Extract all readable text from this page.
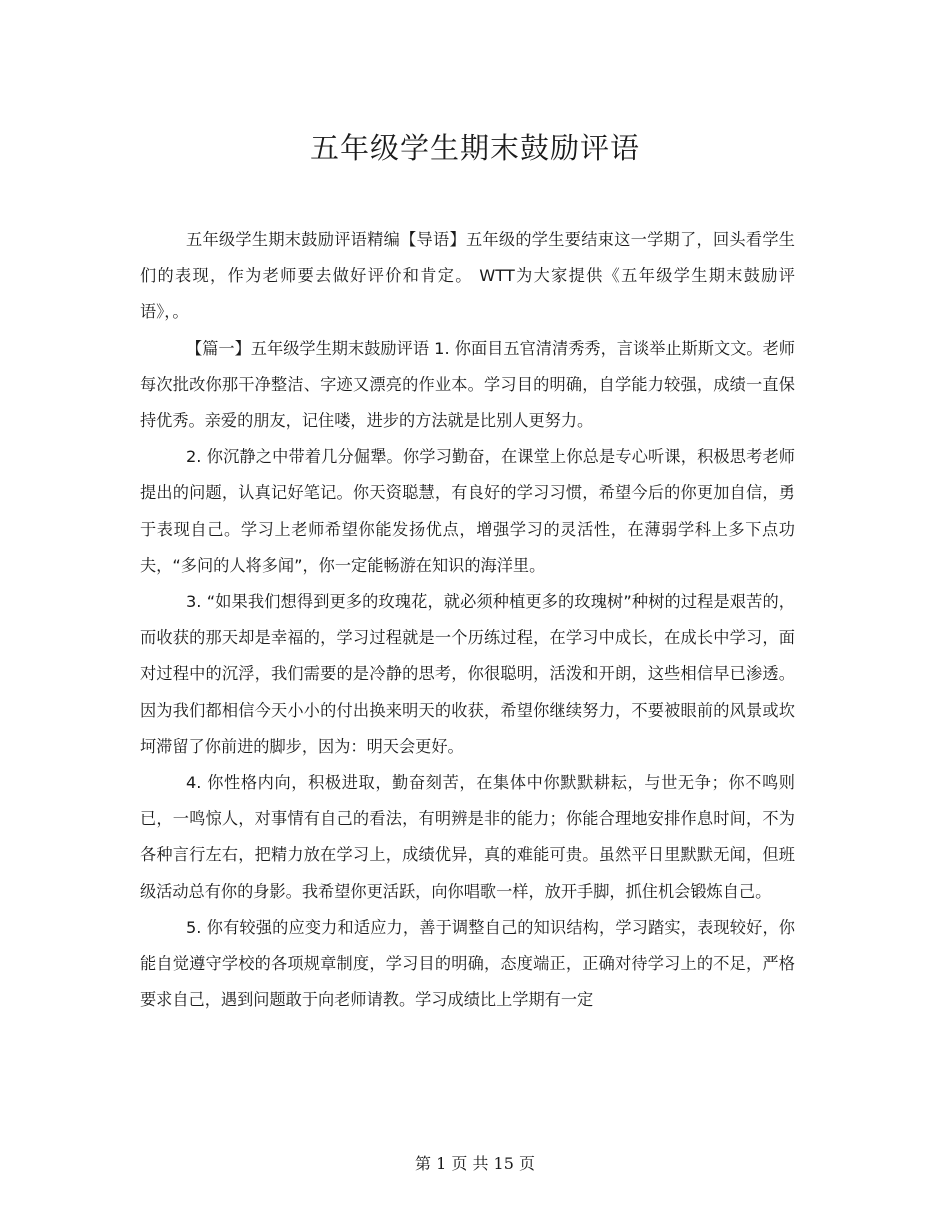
五年级学生期末鼓励评语

五年级学生期末鼓励评语精编【导语】五年级的学生要结束这一学期了，回头看学生们的表现，作为老师要去做好评价和肯定。 WTT为大家提供《五年级学生期末鼓励评语》，。

【篇一】五年级学生期末鼓励评语 1. 你面目五官清清秀秀，言谈举止斯斯文文。老师每次批改你那干净整洁、字迹又漂亮的作业本。学习目的明确，自学能力较强，成绩一直保持优秀。亲爱的朋友，记住喽，进步的方法就是比别人更努力。

2. 你沉静之中带着几分倔犟。你学习勤奋，在课堂上你总是专心听课，积极思考老师提出的问题，认真记好笔记。你天资聪慧，有良好的学习习惯，希望今后的你更加自信，勇于表现自己。学习上老师希望你能发扬优点，增强学习的灵活性，在薄弱学科上多下点功夫，“多问的人将多闻”，你一定能畅游在知识的海洋里。

3. “如果我们想得到更多的玫瑰花，就必须种植更多的玫瑰树”种树的过程是艰苦的，而收获的那天却是幸福的，学习过程就是一个历练过程，在学习中成长，在成长中学习，面对过程中的沉浮，我们需要的是冷静的思考，你很聪明，活泼和开朗，这些相信早已渗透。因为我们都相信今天小小的付出换来明天的收获，希望你继续努力，不要被眼前的风景或坎坷滞留了你前进的脚步，因为：明天会更好。

4. 你性格内向，积极进取，勤奋刻苦，在集体中你默默耕耘，与世无争；你不鸣则已，一鸣惊人，对事情有自己的看法，有明辨是非的能力；你能合理地安排作息时间，不为各种言行左右，把精力放在学习上，成绩优异，真的难能可贵。虽然平日里默默无闻，但班级活动总有你的身影。我希望你更活跃，向你唱歌一样，放开手脚，抓住机会锻炼自己。

5. 你有较强的应变力和适应力，善于调整自己的知识结构，学习踏实，表现较好，你能自觉遵守学校的各项规章制度，学习目的明确，态度端正，正确对待学习上的不足，严格要求自己，遇到问题敢于向老师请教。学习成绩比上学期有一定

第 1 页 共 15 页
